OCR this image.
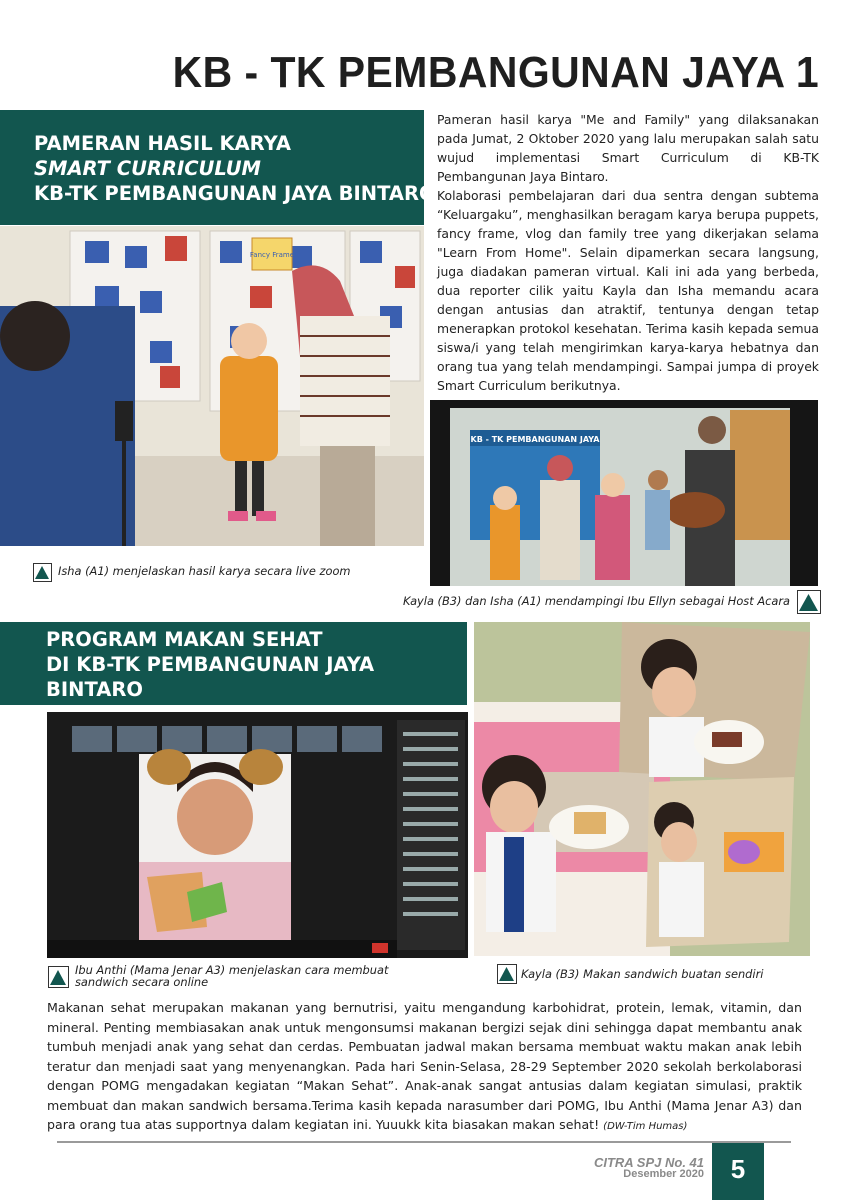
KB - TK PEMBANGUNAN JAYA 1
PAMERAN HASIL KARYA
SMART CURRICULUM
KB-TK PEMBANGUNAN JAYA BINTARO

Pameran hasil karya "Me and Family" yang dilaksanakan pada Jumat, 2 Oktober 2020 yang lalu merupakan salah satu wujud implementasi Smart Curriculum di KB-TK Pembangunan Jaya Bintaro.

Kolaborasi pembelajaran dari dua sentra dengan subtema “Keluargaku”, menghasilkan beragam karya berupa puppets, fancy frame, vlog dan family tree yang dikerjakan selama "Learn From Home". Selain dipamerkan secara langsung, juga diadakan pameran virtual. Kali ini ada yang berbeda, dua reporter cilik yaitu Kayla dan Isha memandu acara dengan antusias dan atraktif, tentunya dengan tetap menerapkan protokol kesehatan. Terima kasih kepada semua siswa/i yang telah mengirimkan karya-karya hebatnya dan orang tua yang telah mendampingi. Sampai jumpa di proyek Smart Curriculum berikutnya.

Fancy Frame
KB - TK PEMBANGUNAN JAYA
Isha (A1) menjelaskan hasil karya secara live zoom
Kayla (B3) dan Isha (A1) mendampingi Ibu Ellyn sebagai Host Acara
PROGRAM MAKAN SEHAT
DI KB-TK PEMBANGUNAN JAYA
BINTARO
Ibu Anthi (Mama Jenar A3) menjelaskan cara membuat
sandwich secara online
Kayla (B3) Makan sandwich buatan sendiri
Makanan sehat merupakan makanan yang bernutrisi, yaitu mengandung karbohidrat, protein, lemak, vitamin, dan mineral. Penting membiasakan anak untuk mengonsumsi makanan bergizi sejak dini sehingga dapat membantu anak tumbuh menjadi anak yang sehat dan cerdas. Pembuatan jadwal makan bersama membuat waktu makan anak lebih teratur dan menjadi saat yang menyenangkan. Pada hari Senin-Selasa, 28-29 September 2020 sekolah berkolaborasi dengan POMG mengadakan kegiatan “Makan Sehat”. Anak-anak sangat antusias dalam kegiatan simulasi, praktik membuat dan makan sandwich bersama.Terima kasih kepada narasumber dari POMG, Ibu Anthi (Mama Jenar A3) dan para orang tua atas supportnya dalam kegiatan ini. Yuuukk kita biasakan makan sehat! (DW-Tim Humas)
CITRA SPJ No. 41
Desember 2020	5
